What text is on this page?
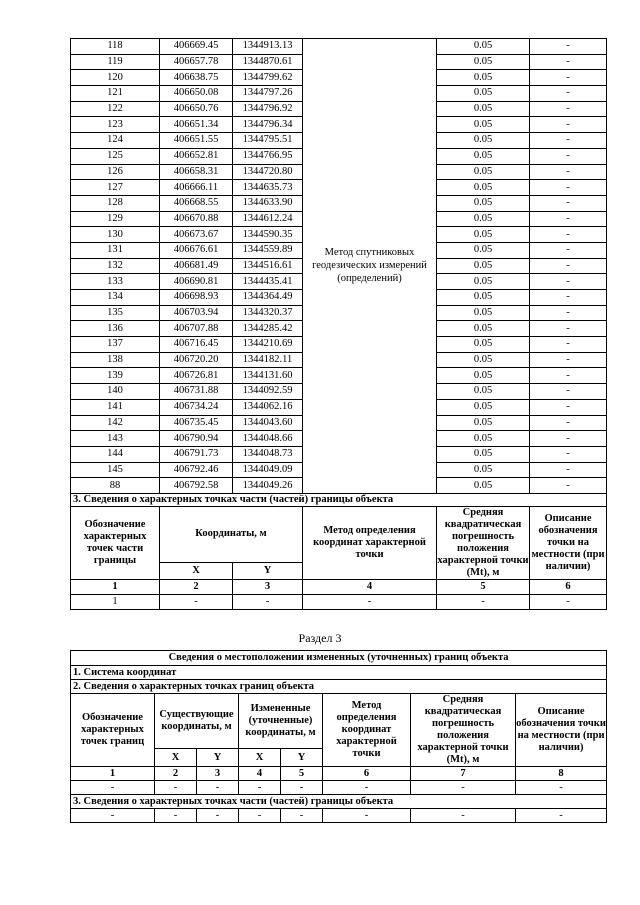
118	406669.45	1344913.13	Метод спутниковых геодезических измерений (определений)	0.05	-
119	406657.78	1344870.61		0.05	-
120	406638.75	1344799.62		0.05	-
121	406650.08	1344797.26		0.05	-
122	406650.76	1344796.92		0.05	-
123	406651.34	1344796.34		0.05	-
124	406651.55	1344795.51		0.05	-
125	406652.81	1344766.95		0.05	-
126	406658.31	1344720.80		0.05	-
127	406666.11	1344635.73		0.05	-
128	406668.55	1344633.90		0.05	-
129	406670.88	1344612.24		0.05	-
130	406673.67	1344590.35		0.05	-
131	406676.61	1344559.89		0.05	-
132	406681.49	1344516.61		0.05	-
133	406690.81	1344435.41		0.05	-
134	406698.93	1344364.49		0.05	-
135	406703.94	1344320.37		0.05	-
136	406707.88	1344285.42		0.05	-
137	406716.45	1344210.69		0.05	-
138	406720.20	1344182.11		0.05	-
139	406726.81	1344131.60		0.05	-
140	406731.88	1344092.59		0.05	-
141	406734.24	1344062.16		0.05	-
142	406735.45	1344043.60		0.05	-
143	406790.94	1344048.66		0.05	-
144	406791.73	1344048.73		0.05	-
145	406792.46	1344049.09		0.05	-
88	406792.58	1344049.26		0.05	-
3. Сведения о характерных точках части (частей) границы объекта					
Обозначение характерных точек части границы	Координаты, м		Метод определения координат характерной точки	Средняя квадратическая погрешность положения характерной точки (Mt), м	Описание обозначения точки на местности (при наличии)
	X	Y			
1	2	3	4	5	6
1	-	-	-	-	-
Раздел 3
Сведения о местоположении измененных (уточненных) границ объекта							
1. Система координат							
2. Сведения о характерных точках границ объекта							
Обозначение характерных точек границ	Существующие координаты, м		Измененные (уточненные) координаты, м		Метод определения координат характерной точки	Средняя квадратическая погрешность положения характерной точки (Mt), м	Описание обозначения точки на местности (при наличии)
	X	Y	X	Y			
1	2	3	4	5	6	7	8
-	-	-	-	-	-	-	-
3. Сведения о характерных точках части (частей) границы объекта							
-	-	-	-	-	-	-	-
